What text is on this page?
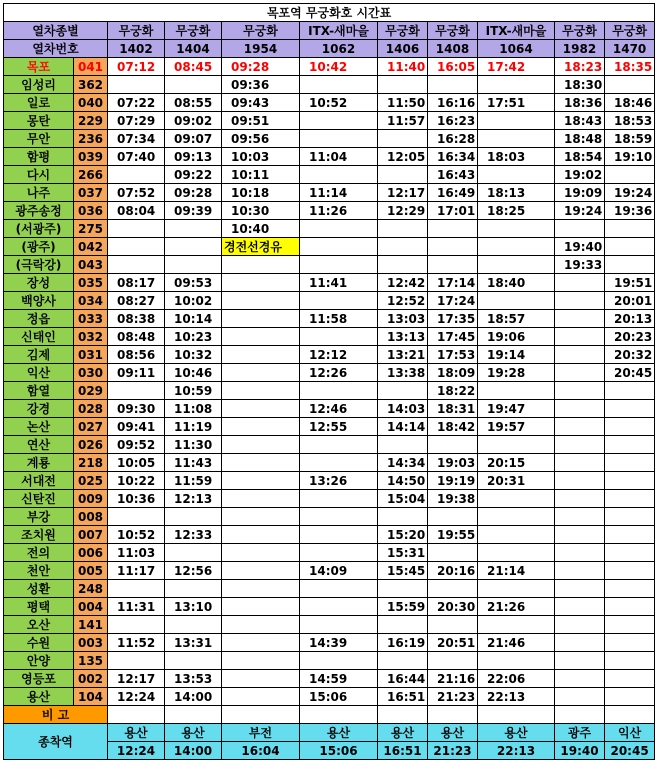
목포역 무궁화호 시간표										
열차종별		무궁화	무궁화	무궁화	ITX-새마을	무궁화	무궁화	ITX-새마을	무궁화	무궁화
열차번호		1402	1404	1954	1062	1406	1408	1064	1982	1470
목포	041	07:12	08:45	09:28	10:42	11:40	16:05	17:42	18:23	18:35
임성리	362			09:36					18:30	
일로	040	07:22	08:55	09:43	10:52	11:50	16:16	17:51	18:36	18:46
몽탄	229	07:29	09:02	09:51		11:57	16:23		18:43	18:53
무안	236	07:34	09:07	09:56			16:28		18:48	18:59
함평	039	07:40	09:13	10:03	11:04	12:05	16:34	18:03	18:54	19:10
다시	266		09:22	10:11			16:43		19:02	
나주	037	07:52	09:28	10:18	11:14	12:17	16:49	18:13	19:09	19:24
광주송정	036	08:04	09:39	10:30	11:26	12:29	17:01	18:25	19:24	19:36
(서광주)	275			10:40						
(광주)	042			경전선경유					19:40	
(극락강)	043								19:33	
장성	035	08:17	09:53		11:41	12:42	17:14	18:40		19:51
백양사	034	08:27	10:02			12:52	17:24			20:01
정읍	033	08:38	10:14		11:58	13:03	17:35	18:57		20:13
신태인	032	08:48	10:23			13:13	17:45	19:06		20:23
김제	031	08:56	10:32		12:12	13:21	17:53	19:14		20:32
익산	030	09:11	10:46		12:26	13:38	18:09	19:28		20:45
함열	029		10:59				18:22			
강경	028	09:30	11:08		12:46	14:03	18:31	19:47		
논산	027	09:41	11:19		12:55	14:14	18:42	19:57		
연산	026	09:52	11:30							
계룡	218	10:05	11:43			14:34	19:03	20:15		
서대전	025	10:22	11:59		13:26	14:50	19:19	20:31		
신탄진	009	10:36	12:13			15:04	19:38			
부강	008									
조치원	007	10:52	12:33			15:20	19:55			
전의	006	11:03				15:31				
천안	005	11:17	12:56		14:09	15:45	20:16	21:14		
성환	248									
평택	004	11:31	13:10			15:59	20:30	21:26		
오산	141									
수원	003	11:52	13:31		14:39	16:19	20:51	21:46		
안양	135									
영등포	002	12:17	13:53		14:59	16:44	21:16	22:06		
용산	104	12:24	14:00		15:06	16:51	21:23	22:13		
비 고										
종착역		용산	용산	부전	용산	용산	용산	용산	광주	익산
		12:24	14:00	16:04	15:06	16:51	21:23	22:13	19:40	20:45
